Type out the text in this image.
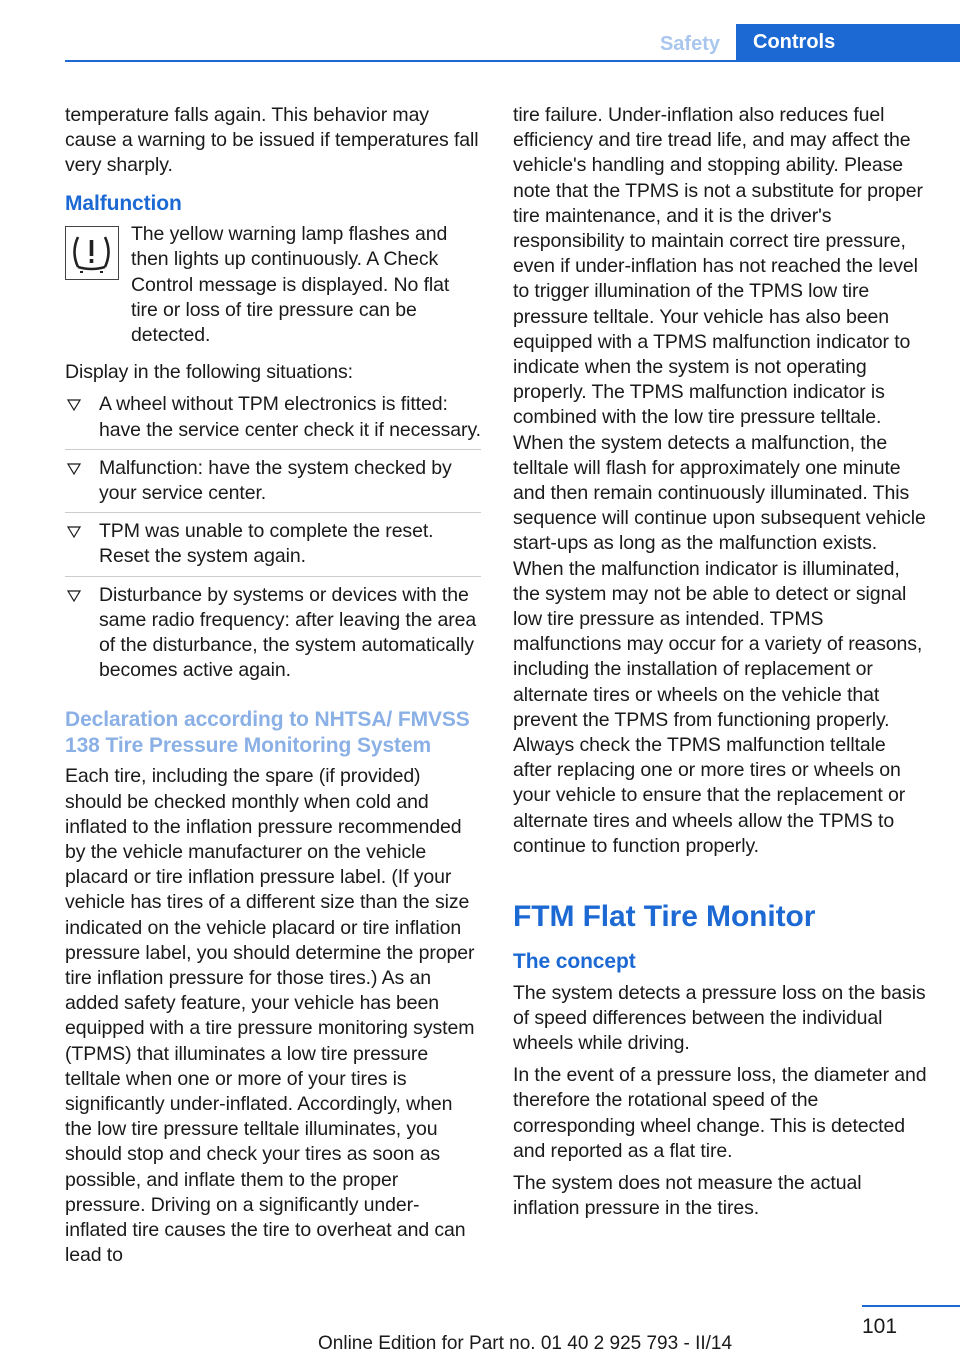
Safety	Controls

temperature falls again. This behavior may cause a warning to be issued if temperatures fall very sharply.

Malfunction

The yellow warning lamp flashes and then lights up continuously. A Check Control message is displayed. No flat tire or loss of tire pressure can be detected.

Display in the following situations:

A wheel without TPM electronics is fitted: have the service center check it if necessary.
Malfunction: have the system checked by your service center.
TPM was unable to complete the reset. Reset the system again.
Disturbance by systems or devices with the same radio frequency: after leaving the area of the disturbance, the system automatically becomes active again.
Declaration according to NHTSA/ FMVSS 138 Tire Pressure Monitoring System

Each tire, including the spare (if provided) should be checked monthly when cold and inflated to the inflation pressure recommended by the vehicle manufacturer on the vehicle placard or tire inflation pressure label. (If your vehicle has tires of a different size than the size indicated on the vehicle placard or tire inflation pressure label, you should determine the proper tire inflation pressure for those tires.) As an added safety feature, your vehicle has been equipped with a tire pressure monitoring system (TPMS) that illuminates a low tire pressure telltale when one or more of your tires is significantly under-inflated. Accordingly, when the low tire pressure telltale illuminates, you should stop and check your tires as soon as possible, and inflate them to the proper pressure. Driving on a significantly under-inflated tire causes the tire to overheat and can lead to

tire failure. Under-inflation also reduces fuel efficiency and tire tread life, and may affect the vehicle's handling and stopping ability. Please note that the TPMS is not a substitute for proper tire maintenance, and it is the driver's responsibility to maintain correct tire pressure, even if under-inflation has not reached the level to trigger illumination of the TPMS low tire pressure telltale. Your vehicle has also been equipped with a TPMS malfunction indicator to indicate when the system is not operating properly. The TPMS malfunction indicator is combined with the low tire pressure telltale. When the system detects a malfunction, the telltale will flash for approximately one minute and then remain continuously illuminated. This sequence will continue upon subsequent vehicle start-ups as long as the malfunction exists. When the malfunction indicator is illuminated, the system may not be able to detect or signal low tire pressure as intended. TPMS malfunctions may occur for a variety of reasons, including the installation of replacement or alternate tires or wheels on the vehicle that prevent the TPMS from functioning properly. Always check the TPMS malfunction telltale after replacing one or more tires or wheels on your vehicle to ensure that the replacement or alternate tires and wheels allow the TPMS to continue to function properly.

FTM Flat Tire Monitor
The concept

The system detects a pressure loss on the basis of speed differences between the individual wheels while driving.

In the event of a pressure loss, the diameter and therefore the rotational speed of the corresponding wheel change. This is detected and reported as a flat tire.

The system does not measure the actual inflation pressure in the tires.

101
Online Edition for Part no. 01 40 2 925 793 - II/14
